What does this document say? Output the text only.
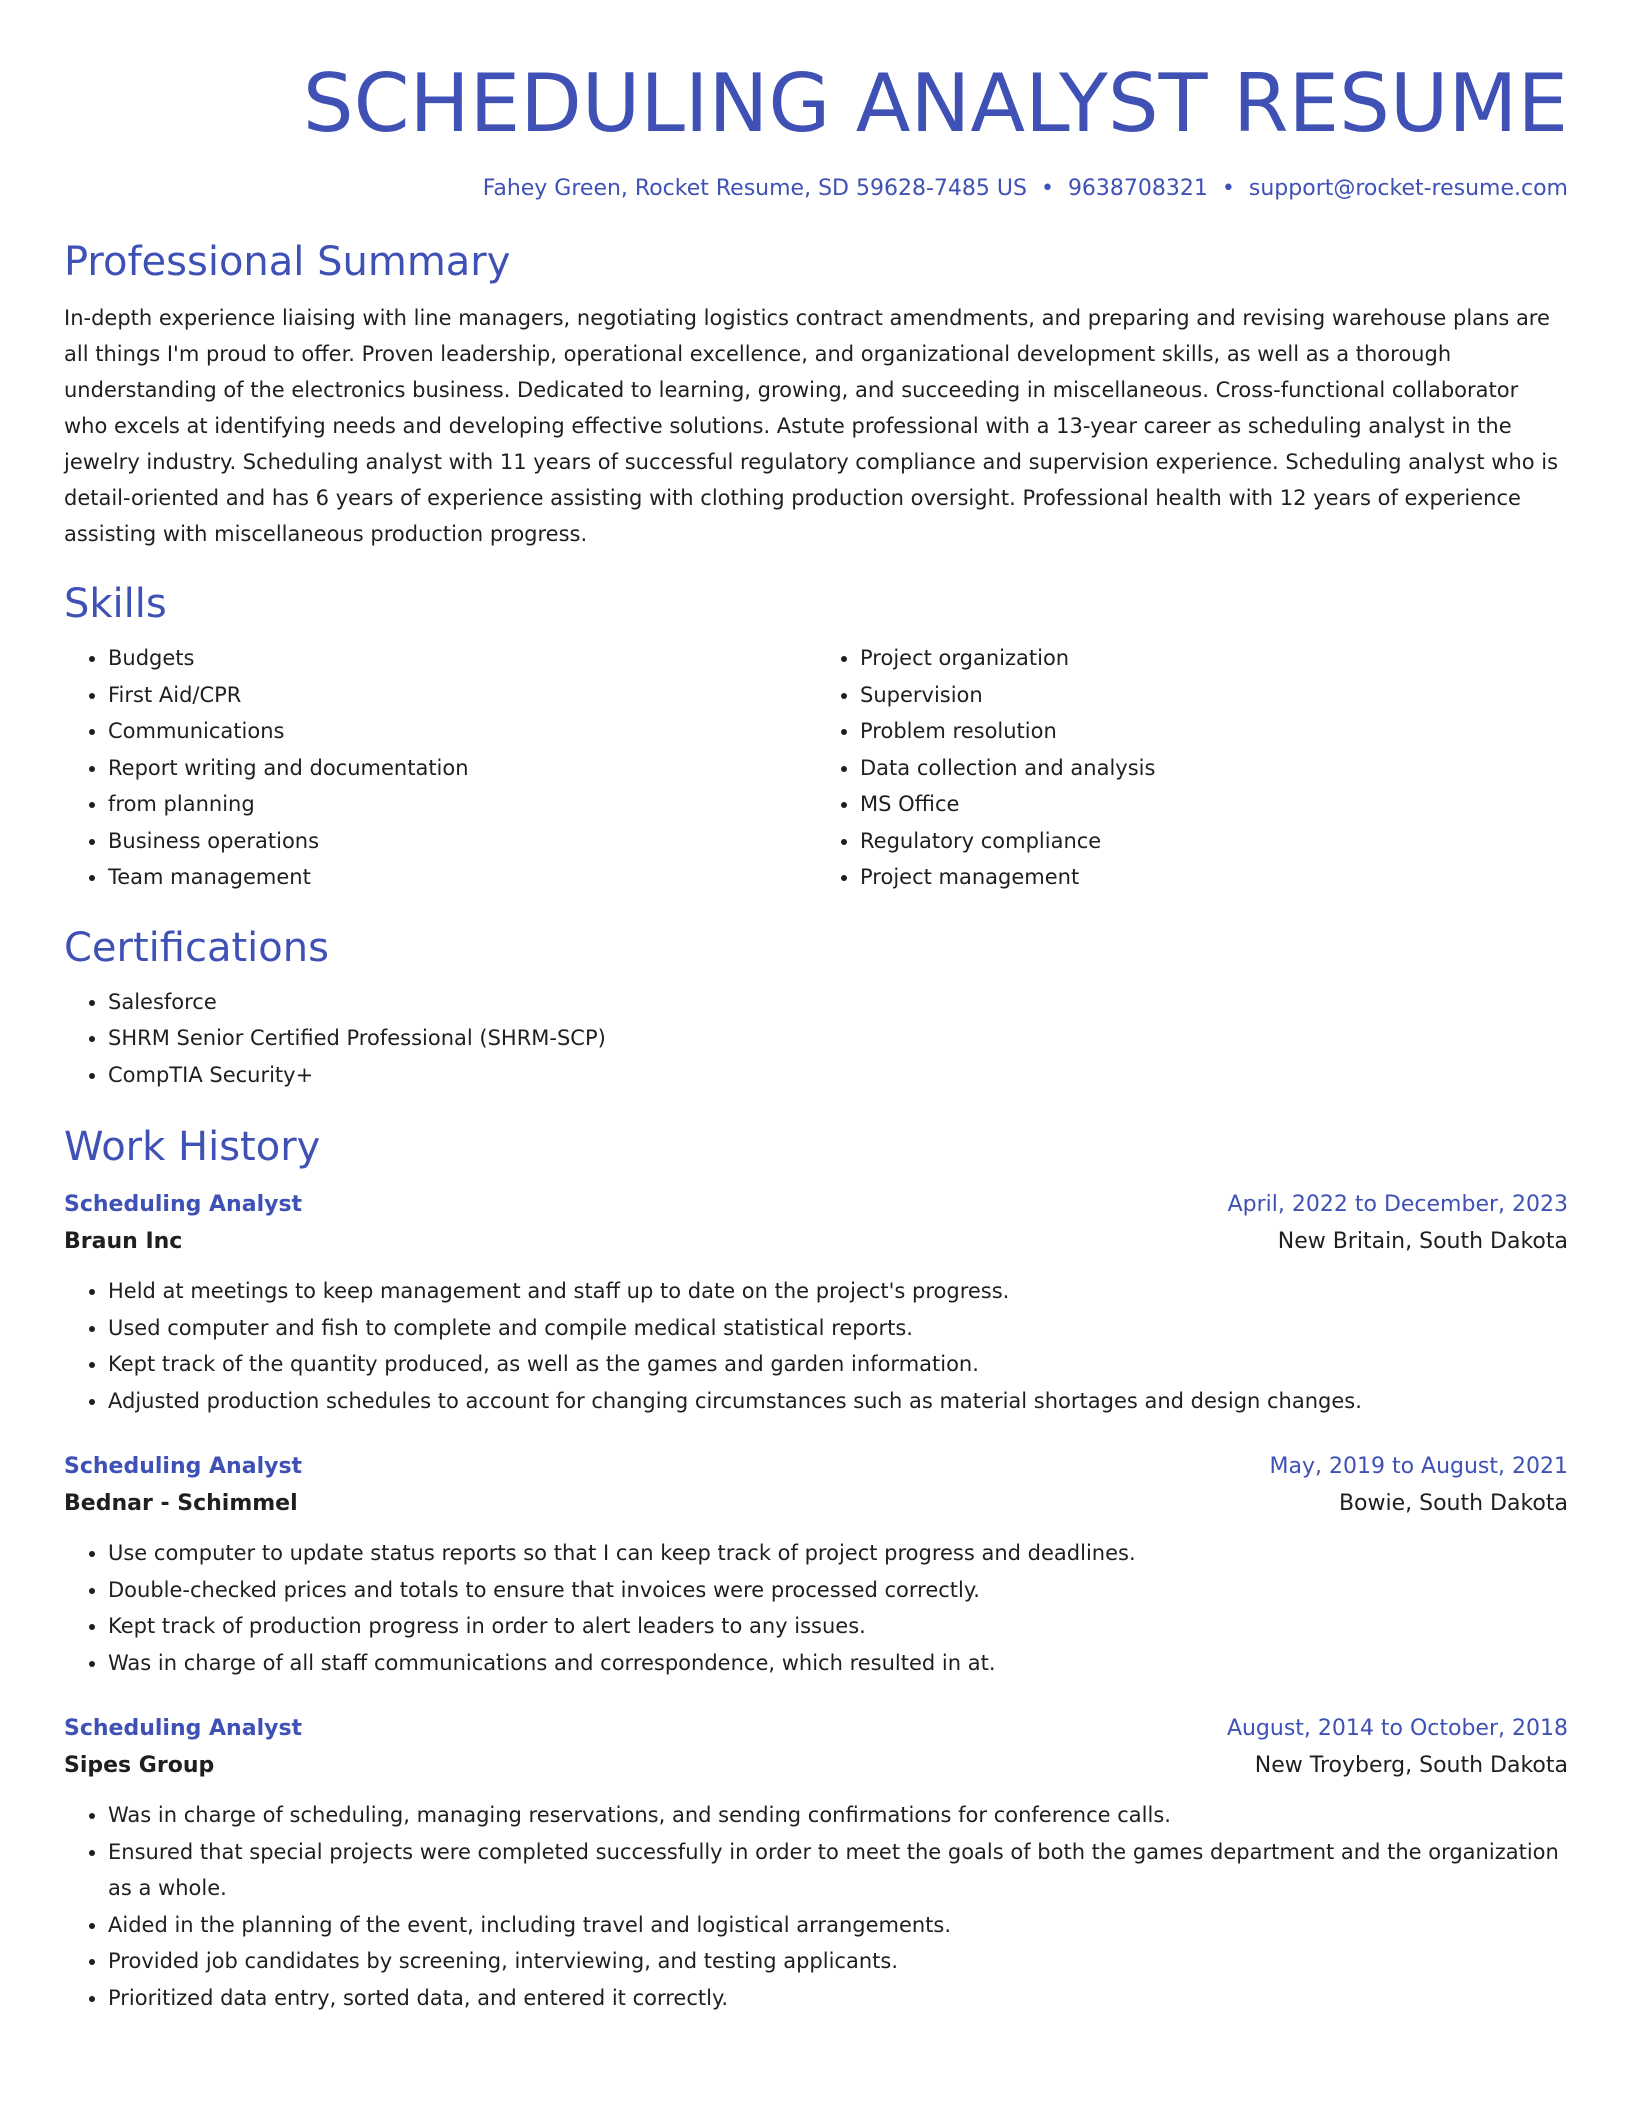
SCHEDULING ANALYST RESUME
Fahey Green, Rocket Resume, SD 59628-7485 US • 9638708321 • support@rocket-resume.com
Professional Summary
In-depth experience liaising with line managers, negotiating logistics contract amendments, and preparing and revising warehouse plans are all things I'm proud to offer. Proven leadership, operational excellence, and organizational development skills, as well as a thorough understanding of the electronics business. Dedicated to learning, growing, and succeeding in miscellaneous. Cross-functional collaborator who excels at identifying needs and developing effective solutions. Astute professional with a 13-year career as scheduling analyst in the jewelry industry. Scheduling analyst with 11 years of successful regulatory compliance and supervision experience. Scheduling analyst who is detail-oriented and has 6 years of experience assisting with clothing production oversight. Professional health with 12 years of experience assisting with miscellaneous production progress.
Skills
• Budgets
• First Aid/CPR
• Communications
• Report writing and documentation
• from planning
• Business operations
• Team management
• Project organization
• Supervision
• Problem resolution
• Data collection and analysis
• MS Office
• Regulatory compliance
• Project management
Certifications
• Salesforce
• SHRM Senior Certified Professional (SHRM-SCP)
• CompTIA Security+
Work History
Scheduling Analyst	April, 2022 to December, 2023
Braun Inc	New Britain, South Dakota
• Held at meetings to keep management and staff up to date on the project's progress.
• Used computer and fish to complete and compile medical statistical reports.
• Kept track of the quantity produced, as well as the games and garden information.
• Adjusted production schedules to account for changing circumstances such as material shortages and design changes.
Scheduling Analyst	May, 2019 to August, 2021
Bednar - Schimmel	Bowie, South Dakota
• Use computer to update status reports so that I can keep track of project progress and deadlines.
• Double-checked prices and totals to ensure that invoices were processed correctly.
• Kept track of production progress in order to alert leaders to any issues.
• Was in charge of all staff communications and correspondence, which resulted in at.
Scheduling Analyst	August, 2014 to October, 2018
Sipes Group	New Troyberg, South Dakota
• Was in charge of scheduling, managing reservations, and sending confirmations for conference calls.
• Ensured that special projects were completed successfully in order to meet the goals of both the games department and the organization as a whole.
• Aided in the planning of the event, including travel and logistical arrangements.
• Provided job candidates by screening, interviewing, and testing applicants.
• Prioritized data entry, sorted data, and entered it correctly.
